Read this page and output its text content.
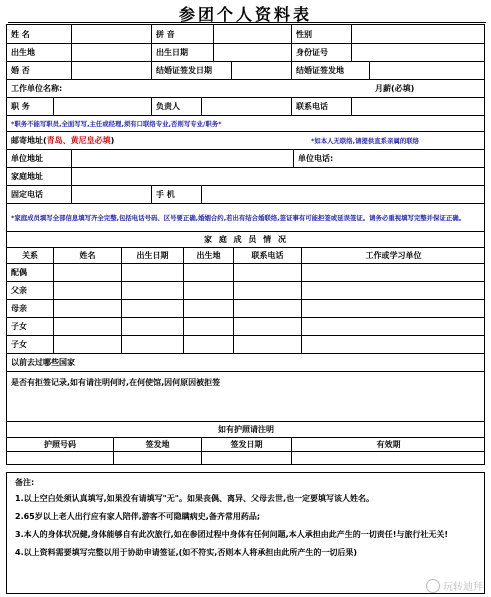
参团个人资料表
姓 名	拼 音	性别
出生地	出生日期	身份证号
婚 否	结婚证签发日期	结婚证签发地
工作单位名称:	月薪(必填)
职 务	负责人	联系电话
*职务不能写职员,全面写写,主任或经理,须有口联络专业,否则写专业/职务*
邮寄地址( 青岛、黄尼皇必填 )	*如本人无联络,请提供直系亲属的联络
单位地址	单位电话:
家庭地址
固定电话	手 机
*家庭成员填写全部信息填写齐全完整,包括电话号码、区号要正确,婚姻合约,若出有结合婚联络,签证事有可能拒签或延误签证。请务必重视填写完整并保证正确。
家 庭 成 员 情 况
关系	姓名	出生日期	出生地	联系电话	工作或学习单位
配偶
父亲
母亲
子女
子女
以前去过哪些国家
是否有拒签记录,如有请注明何时,在何使馆,因何原因被拒签
如有护照请注明
护照号码	签发地	签发日期	有效期
备注:
1.以上空白处须认真填写,如果没有请填写"无"。如果丧偶、离异、父母去世,也一定要填写该人姓名。
2.65岁以上老人出行应有家人陪伴,游客不可隐瞒病史,备齐常用药品;
3.本人的身体状况健,身体能够自有此次旅行,如在参团过程中身体有任何问题,本人承担由此产生的一切责任!与旅行社无关!
4.以上资料需要填写完整以用于协助申请签证,(如不符实,否则本人将承担由此所产生的一切后果)
玩转迪拜
